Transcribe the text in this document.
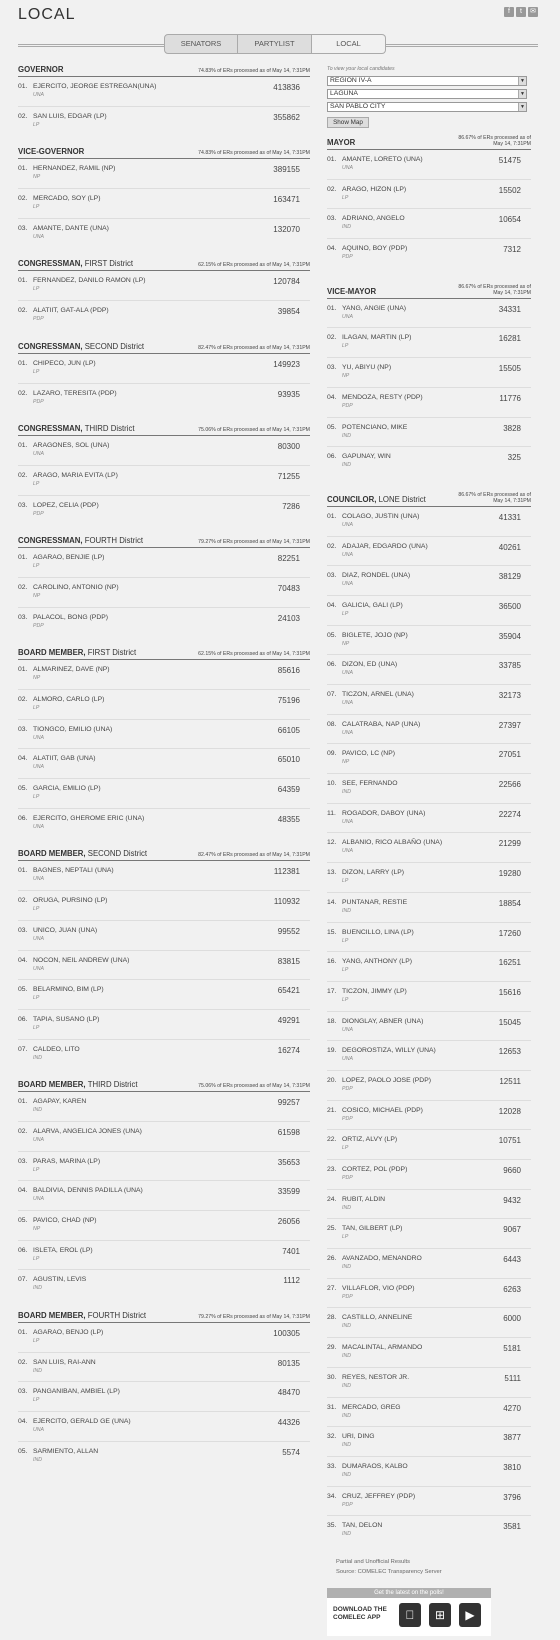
LOCAL	f	t	✉
SENATORS	PARTYLIST	LOCAL
GOVERNOR	74.83% of ERs processed as of May 14, 7:31PM
01. EJERCITO, JEORGE ESTREGAN(UNA)
UNA
413836
02. SAN LUIS, EDGAR (LP)
LP
355862
VICE-GOVERNOR	74.83% of ERs processed as of May 14, 7:31PM
01. HERNANDEZ, RAMIL (NP)
NP
389155
02. MERCADO, SOY (LP)
LP
163471
03. AMANTE, DANTE (UNA)
UNA
132070
CONGRESSMAN, FIRST District	62.15% of ERs processed as of May 14, 7:31PM
01. FERNANDEZ, DANILO RAMON (LP)
LP
120784
02. ALATIIT, GAT-ALA (PDP)
PDP
39854
CONGRESSMAN, SECOND District	82.47% of ERs processed as of May 14, 7:31PM
01. CHIPECO, JUN (LP)
LP
149923
02. LAZARO, TERESITA (PDP)
PDP
93935
CONGRESSMAN, THIRD District	75.06% of ERs processed as of May 14, 7:31PM
01. ARAGONES, SOL (UNA)
UNA
80300
02. ARAGO, MARIA EVITA (LP)
LP
71255
03. LOPEZ, CELIA (PDP)
PDP
7286
CONGRESSMAN, FOURTH District	79.27% of ERs processed as of May 14, 7:31PM
01. AGARAO, BENJIE (LP)
LP
82251
02. CAROLINO, ANTONIO (NP)
NP
70483
03. PALACOL, BONG (PDP)
PDP
24103
BOARD MEMBER, FIRST District	62.15% of ERs processed as of May 14, 7:31PM
01. ALMARINEZ, DAVE (NP)
NP
85616
02. ALMORO, CARLO (LP)
LP
75196
03. TIONGCO, EMILIO (UNA)
UNA
66105
04. ALATIIT, GAB (UNA)
UNA
65010
05. GARCIA, EMILIO (LP)
LP
64359
06. EJERCITO, GHEROME ERIC (UNA)
UNA
48355
BOARD MEMBER, SECOND District	82.47% of ERs processed as of May 14, 7:31PM
01. BAGNES, NEPTALI (UNA)
UNA
112381
02. ORUGA, PURSINO (LP)
LP
110932
03. UNICO, JUAN (UNA)
UNA
99552
04. NOCON, NEIL ANDREW (UNA)
UNA
83815
05. BELARMINO, BIM (LP)
LP
65421
06. TAPIA, SUSANO (LP)
LP
49291
07. CALDEO, LITO
IND
16274
BOARD MEMBER, THIRD District	75.06% of ERs processed as of May 14, 7:31PM
01. AGAPAY, KAREN
IND
99257
02. ALARVA, ANGELICA JONES (UNA)
UNA
61598
03. PARAS, MARINA (LP)
LP
35653
04. BALDIVIA, DENNIS PADILLA (UNA)
UNA
33599
05. PAVICO, CHAD (NP)
NP
26056
06. ISLETA, EROL (LP)
LP
7401
07. AGUSTIN, LEVIS
IND
1112
BOARD MEMBER, FOURTH District	79.27% of ERs processed as of May 14, 7:31PM
01. AGARAO, BENJO (LP)
LP
100305
02. SAN LUIS, RAI-ANN
IND
80135
03. PANGANIBAN, AMBIEL (LP)
LP
48470
04. EJERCITO, GERALD GE (UNA)
UNA
44326
05. SARMIENTO, ALLAN
IND
5574
To view your local candidates
REGION IV-A	▼
LAGUNA	▼
SAN PABLO CITY	▼
Show Map
MAYOR	86.67% of ERs processed as of May 14, 7:31PM
01. AMANTE, LORETO (UNA)
UNA
51475
02. ARAGO, HIZON (LP)
LP
15502
03. ADRIANO, ANGELO
IND
10654
04. AQUINO, BOY (PDP)
PDP
7312
VICE-MAYOR	86.67% of ERs processed as of May 14, 7:31PM
01. YANG, ANGIE (UNA)
UNA
34331
02. ILAGAN, MARTIN (LP)
LP
16281
03. YU, ABIYU (NP)
NP
15505
04. MENDOZA, RESTY (PDP)
PDP
11776
05. POTENCIANO, MIKE
IND
3828
06. GAPUNAY, WIN
IND
325
COUNCILOR, LONE District	86.67% of ERs processed as of May 14, 7:31PM
01. COLAGO, JUSTIN (UNA)
UNA
41331
02. ADAJAR, EDGARDO (UNA)
UNA
40261
03. DIAZ, RONDEL (UNA)
UNA
38129
04. GALICIA, GALI (LP)
LP
36500
05. BIGLETE, JOJO (NP)
NP
35904
06. DIZON, ED (UNA)
UNA
33785
07. TICZON, ARNEL (UNA)
UNA
32173
08. CALATRABA, NAP (UNA)
UNA
27397
09. PAVICO, LC (NP)
NP
27051
10. SEE, FERNANDO
IND
22566
11. ROGADOR, DABOY (UNA)
UNA
22274
12. ALBANIO, RICO ALBAÑO (UNA)
UNA
21299
13. DIZON, LARRY (LP)
LP
19280
14. PUNTANAR, RESTIE
IND
18854
15. BUENCILLO, LINA (LP)
LP
17260
16. YANG, ANTHONY (LP)
LP
16251
17. TICZON, JIMMY (LP)
LP
15616
18. DIONGLAY, ABNER (UNA)
UNA
15045
19. DEGOROSTIZA, WILLY (UNA)
UNA
12653
20. LOPEZ, PAOLO JOSE (PDP)
PDP
12511
21. COSICO, MICHAEL (PDP)
PDP
12028
22. ORTIZ, ALVY (LP)
LP
10751
23. CORTEZ, POL (PDP)
PDP
9660
24. RUBIT, ALDIN
IND
9432
25. TAN, GILBERT (LP)
LP
9067
26. AVANZADO, MENANDRO
IND
6443
27. VILLAFLOR, VIO (PDP)
PDP
6263
28. CASTILLO, ANNELINE
IND
6000
29. MACALINTAL, ARMANDO
IND
5181
30. REYES, NESTOR JR.
IND
5111
31. MERCADO, GREG
IND
4270
32. URI, DING
IND
3877
33. DUMARAOS, KALBO
IND
3810
34. CRUZ, JEFFREY (PDP)
PDP
3796
35. TAN, DELON
IND
3581
Partial and Unofficial Results
Source: COMELEC Transparency Server
Get the latest on the polls!
DOWNLOAD THE
COMELEC APP	⊞	▶
